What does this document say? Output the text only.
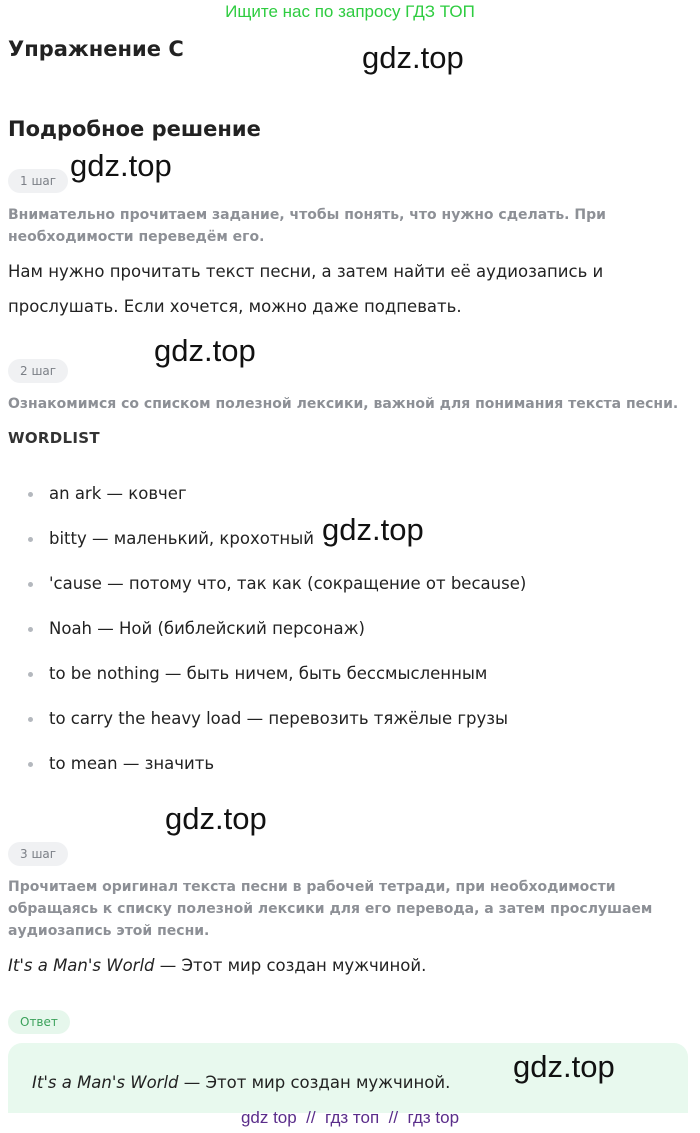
Ищите нас по запросу ГДЗ ТОП
Упражнение C	gdz.top
Подробное решение
1 шаг gdz.top
Внимательно прочитаем задание, чтобы понять, что нужно сделать. При необходимости переведём его.
Нам нужно прочитать текст песни, а затем найти её аудиозапись и
прослушать. Если хочется, можно даже подпевать.
2 шаг
gdz.top
Ознакомимся со списком полезной лексики, важной для понимания текста песни.
WORDLIST
an ark — ковчег
bitty — маленький, крохотный
'cause — потому что, так как (сокращение от because)
Noah — Ной (библейский персонаж)
to be nothing — быть ничем, быть бессмысленным
to carry the heavy load — перевозить тяжёлые грузы
to mean — значить
gdz.top
gdz.top
3 шаг
Прочитаем оригинал текста песни в рабочей тетради, при необходимости обращаясь к списку полезной лексики для его перевода, а затем прослушаем аудиозапись этой песни.
It's a Man's World — Этот мир создан мужчиной.
Ответ
It's a Man's World — Этот мир создан мужчиной. gdz.top
gdz top  //  гдз топ  //  гдз top
